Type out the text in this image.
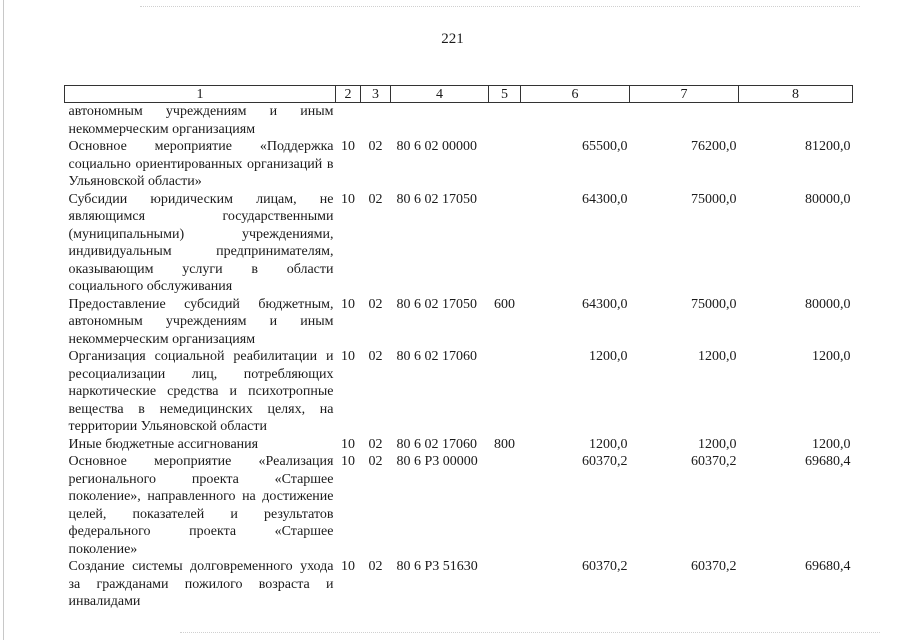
221
1	2	3	4	5	6	7	8
автономным учреждениям и иным некоммерческим организациям							
Основное мероприятие «Поддержка социально ориентированных организаций в Ульяновской области»	10	02	80 6 02 00000		65500,0	76200,0	81200,0
Субсидии юридическим лицам, не являющимся государственными (муниципальными) учреждениями, индивидуальным предпринимателям, оказывающим услуги в области социального обслуживания	10	02	80 6 02 17050		64300,0	75000,0	80000,0
Предоставление субсидий бюджетным, автономным учреждениям и иным некоммерческим организациям	10	02	80 6 02 17050	600	64300,0	75000,0	80000,0
Организация социальной реабилитации и ресоциализации лиц, потребляющих наркотические средства и психотропные вещества в немедицинских целях, на территории Ульяновской области	10	02	80 6 02 17060		1200,0	1200,0	1200,0
Иные бюджетные ассигнования	10	02	80 6 02 17060	800	1200,0	1200,0	1200,0
Основное мероприятие «Реализация регионального проекта «Старшее поколение», направленного на достижение целей, показателей и результатов федерального проекта «Старшее поколение»	10	02	80 6 P3 00000		60370,2	60370,2	69680,4
Создание системы долговременного ухода за гражданами пожилого возраста и инвалидами	10	02	80 6 P3 51630		60370,2	60370,2	69680,4
